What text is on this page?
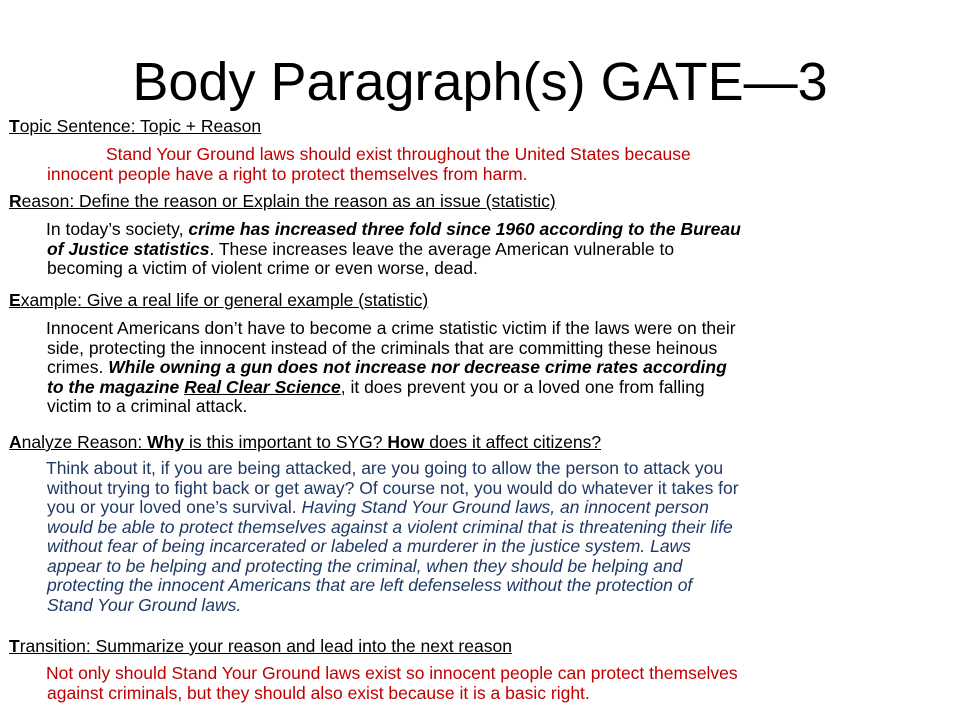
Body Paragraph(s) GATE—3
Topic Sentence: Topic + Reason
Stand Your Ground laws should exist throughout the United States because
innocent people have a right to protect themselves from harm.
Reason: Define the reason or Explain the reason as an issue (statistic)
In today’s society, crime has increased three fold since 1960 according to the Bureau
of Justice statistics. These increases leave the average American vulnerable to
becoming a victim of violent crime or even worse, dead.
Example: Give a real life or general example (statistic)
Innocent Americans don’t have to become a crime statistic victim if the laws were on their
side, protecting the innocent instead of the criminals that are committing these heinous
crimes. While owning a gun does not increase nor decrease crime rates according
to the magazine Real Clear Science, it does prevent you or a loved one from falling
victim to a criminal attack.
Analyze Reason: Why is this important to SYG? How does it affect citizens?
Think about it, if you are being attacked, are you going to allow the person to attack you
without trying to fight back or get away? Of course not, you would do whatever it takes for
you or your loved one’s survival. Having Stand Your Ground laws, an innocent person
would be able to protect themselves against a violent criminal that is threatening their life
without fear of being incarcerated or labeled a murderer in the justice system. Laws
appear to be helping and protecting the criminal, when they should be helping and
protecting the innocent Americans that are left defenseless without the protection of
Stand Your Ground laws.
Transition: Summarize your reason and lead into the next reason
Not only should Stand Your Ground laws exist so innocent people can protect themselves
against criminals, but they should also exist because it is a basic right.
